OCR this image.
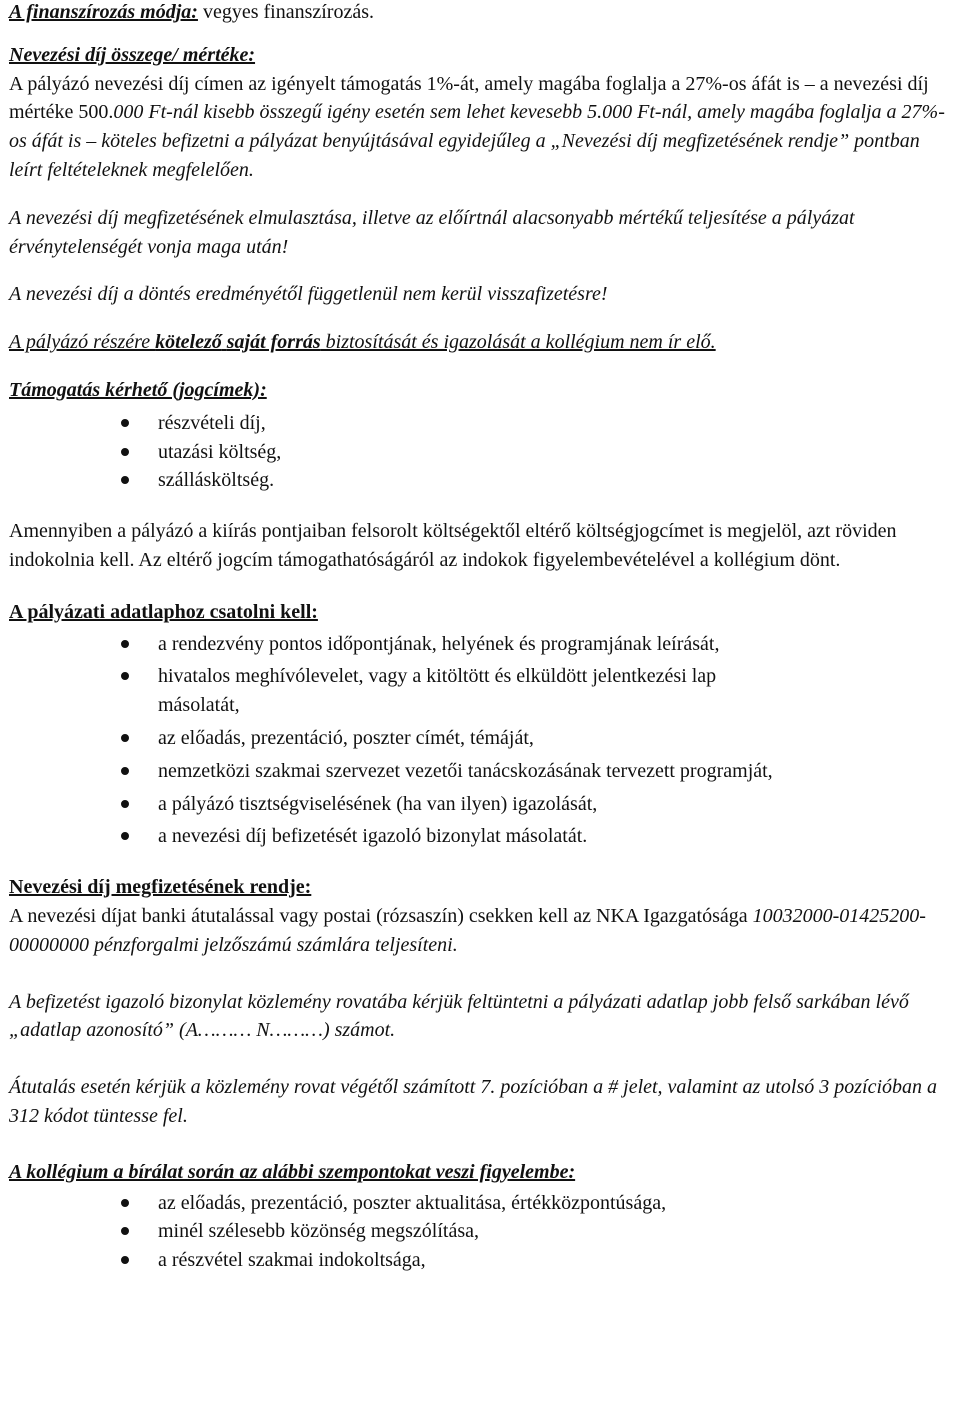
A finanszírozás módja: vegyes finanszírozás.

Nevezési díj összege/ mértéke:

A pályázó nevezési díj címen az igényelt támogatás 1%-át, amely magába foglalja a 27%-os áfát is – a nevezési díj mértéke 500.000 Ft-nál kisebb összegű igény esetén sem lehet kevesebb 5.000 Ft-nál, amely magába foglalja a 27%-os áfát is – köteles befizetni a pályázat benyújtásával egyidejűleg a „Nevezési díj megfizetésének rendje” pontban leírt feltételeknek megfelelően.

A nevezési díj megfizetésének elmulasztása, illetve az előírtnál alacsonyabb mértékű teljesítése a pályázat érvénytelenségét vonja maga után!

A nevezési díj a döntés eredményétől függetlenül nem kerül visszafizetésre!

A pályázó részére kötelező saját forrás biztosítását és igazolását a kollégium nem ír elő.

Támogatás kérhető (jogcímek):

részvételi díj,
utazási költség,
szállásköltség.

Amennyiben a pályázó a kiírás pontjaiban felsorolt költségektől eltérő költségjogcímet is megjelöl, azt röviden indokolnia kell. Az eltérő jogcím támogathatóságáról az indokok figyelembevételével a kollégium dönt.

A pályázati adatlaphoz csatolni kell:

a rendezvény pontos időpontjának, helyének és programjának leírását,
hivatalos meghívólevelet, vagy a kitöltött és elküldött jelentkezési lap
másolatát,
az előadás, prezentáció, poszter címét, témáját,
nemzetközi szakmai szervezet vezetői tanácskozásának tervezett programját,
a pályázó tisztségviselésének (ha van ilyen) igazolását,
a nevezési díj befizetését igazoló bizonylat másolatát.

Nevezési díj megfizetésének rendje:

A nevezési díjat banki átutalással vagy postai (rózsaszín) csekken kell az NKA Igazgatósága 10032000-01425200-00000000 pénzforgalmi jelzőszámú számlára teljesíteni.

A befizetést igazoló bizonylat közlemény rovatába kérjük feltüntetni a pályázati adatlap jobb felső sarkában lévő „adatlap azonosító” (A……… N………) számot.

Átutalás esetén kérjük a közlemény rovat végétől számított 7. pozícióban a # jelet, valamint az utolsó 3 pozícióban a 312 kódot tüntesse fel.

A kollégium a bírálat során az alábbi szempontokat veszi figyelembe:

az előadás, prezentáció, poszter aktualitása, értékközpontúsága,
minél szélesebb közönség megszólítása,
a részvétel szakmai indokoltsága,
